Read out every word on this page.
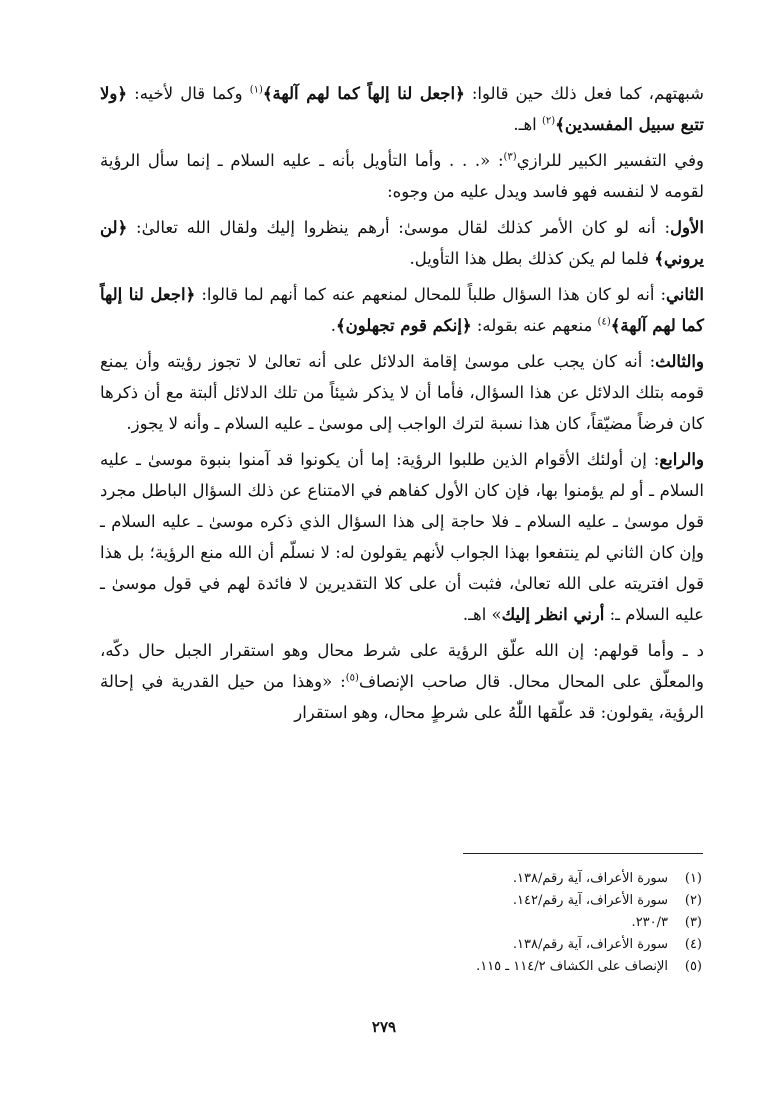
شبهتهم، كما فعل ذلك حين قالوا: ﴿اجعل لنا إلهاً كما لهم آلهة﴾$^{(١)}$ وكما قال لأخيه: ﴿ولا تتبع سبيل المفسدين﴾$^{(٢)}$ اهـ.

وفي التفسير الكبير للرازي$^{(٣)}$: «. . . وأما التأويل بأنه ـ عليه السلام ـ إنما سأل الرؤية لقومه لا لنفسه فهو فاسد ويدل عليه من وجوه:

الأول: أنه لو كان الأمر كذلك لقال موسىٰ: أرهم ينظروا إليك ولقال الله تعالىٰ: ﴿لن يروني﴾ فلما لم يكن كذلك بطل هذا التأويل.

الثاني: أنه لو كان هذا السؤال طلباً للمحال لمنعهم عنه كما أنهم لما قالوا: ﴿اجعل لنا إلهاً كما لهم آلهة﴾$^{(٤)}$ منعهم عنه بقوله: ﴿إنكم قوم تجهلون﴾.

والثالث: أنه كان يجب على موسىٰ إقامة الدلائل على أنه تعالىٰ لا تجوز رؤيته وأن يمنع قومه بتلك الدلائل عن هذا السؤال، فأما أن لا يذكر شيئاً من تلك الدلائل ألبتة مع أن ذكرها كان فرضاً مضيّقاً، كان هذا نسبة لترك الواجب إلى موسىٰ ـ عليه السلام ـ وأنه لا يجوز.

والرابع: إن أولئك الأقوام الذين طلبوا الرؤية: إما أن يكونوا قد آمنوا بنبوة موسىٰ ـ عليه السلام ـ أو لم يؤمنوا بها، فإن كان الأول كفاهم في الامتناع عن ذلك السؤال الباطل مجرد قول موسىٰ ـ عليه السلام ـ فلا حاجة إلى هذا السؤال الذي ذكره موسىٰ ـ عليه السلام ـ وإن كان الثاني لم ينتفعوا بهذا الجواب لأنهم يقولون له: لا نسلّم أن الله منع الرؤية؛ بل هذا قول افتريته على الله تعالىٰ، فثبت أن على كلا التقديرين لا فائدة لهم في قول موسىٰ ـ عليه السلام ـ: أرني انظر إليك» اهـ.

د ـ وأما قولهم: إن الله علّق الرؤية على شرط محال وهو استقرار الجبل حال دكّه، والمعلّق على المحال محال. قال صاحب الإنصاف$^{(٥)}$: «وهذا من حيل القدرية في إحالة الرؤية، يقولون: قد علّقها اللّٰهُ على شرطٍ محال، وهو استقرار

(١)
سورة الأعراف، آية رقم/١٣٨.
(٢)
سورة الأعراف، آية رقم/١٤٢.
(٣)
٢٣٠/٣.
(٤)
سورة الأعراف، آية رقم/١٣٨.
(٥)
الإنصاف على الكشاف ١١٤/٢ ـ ١١٥.
٢٧٩
